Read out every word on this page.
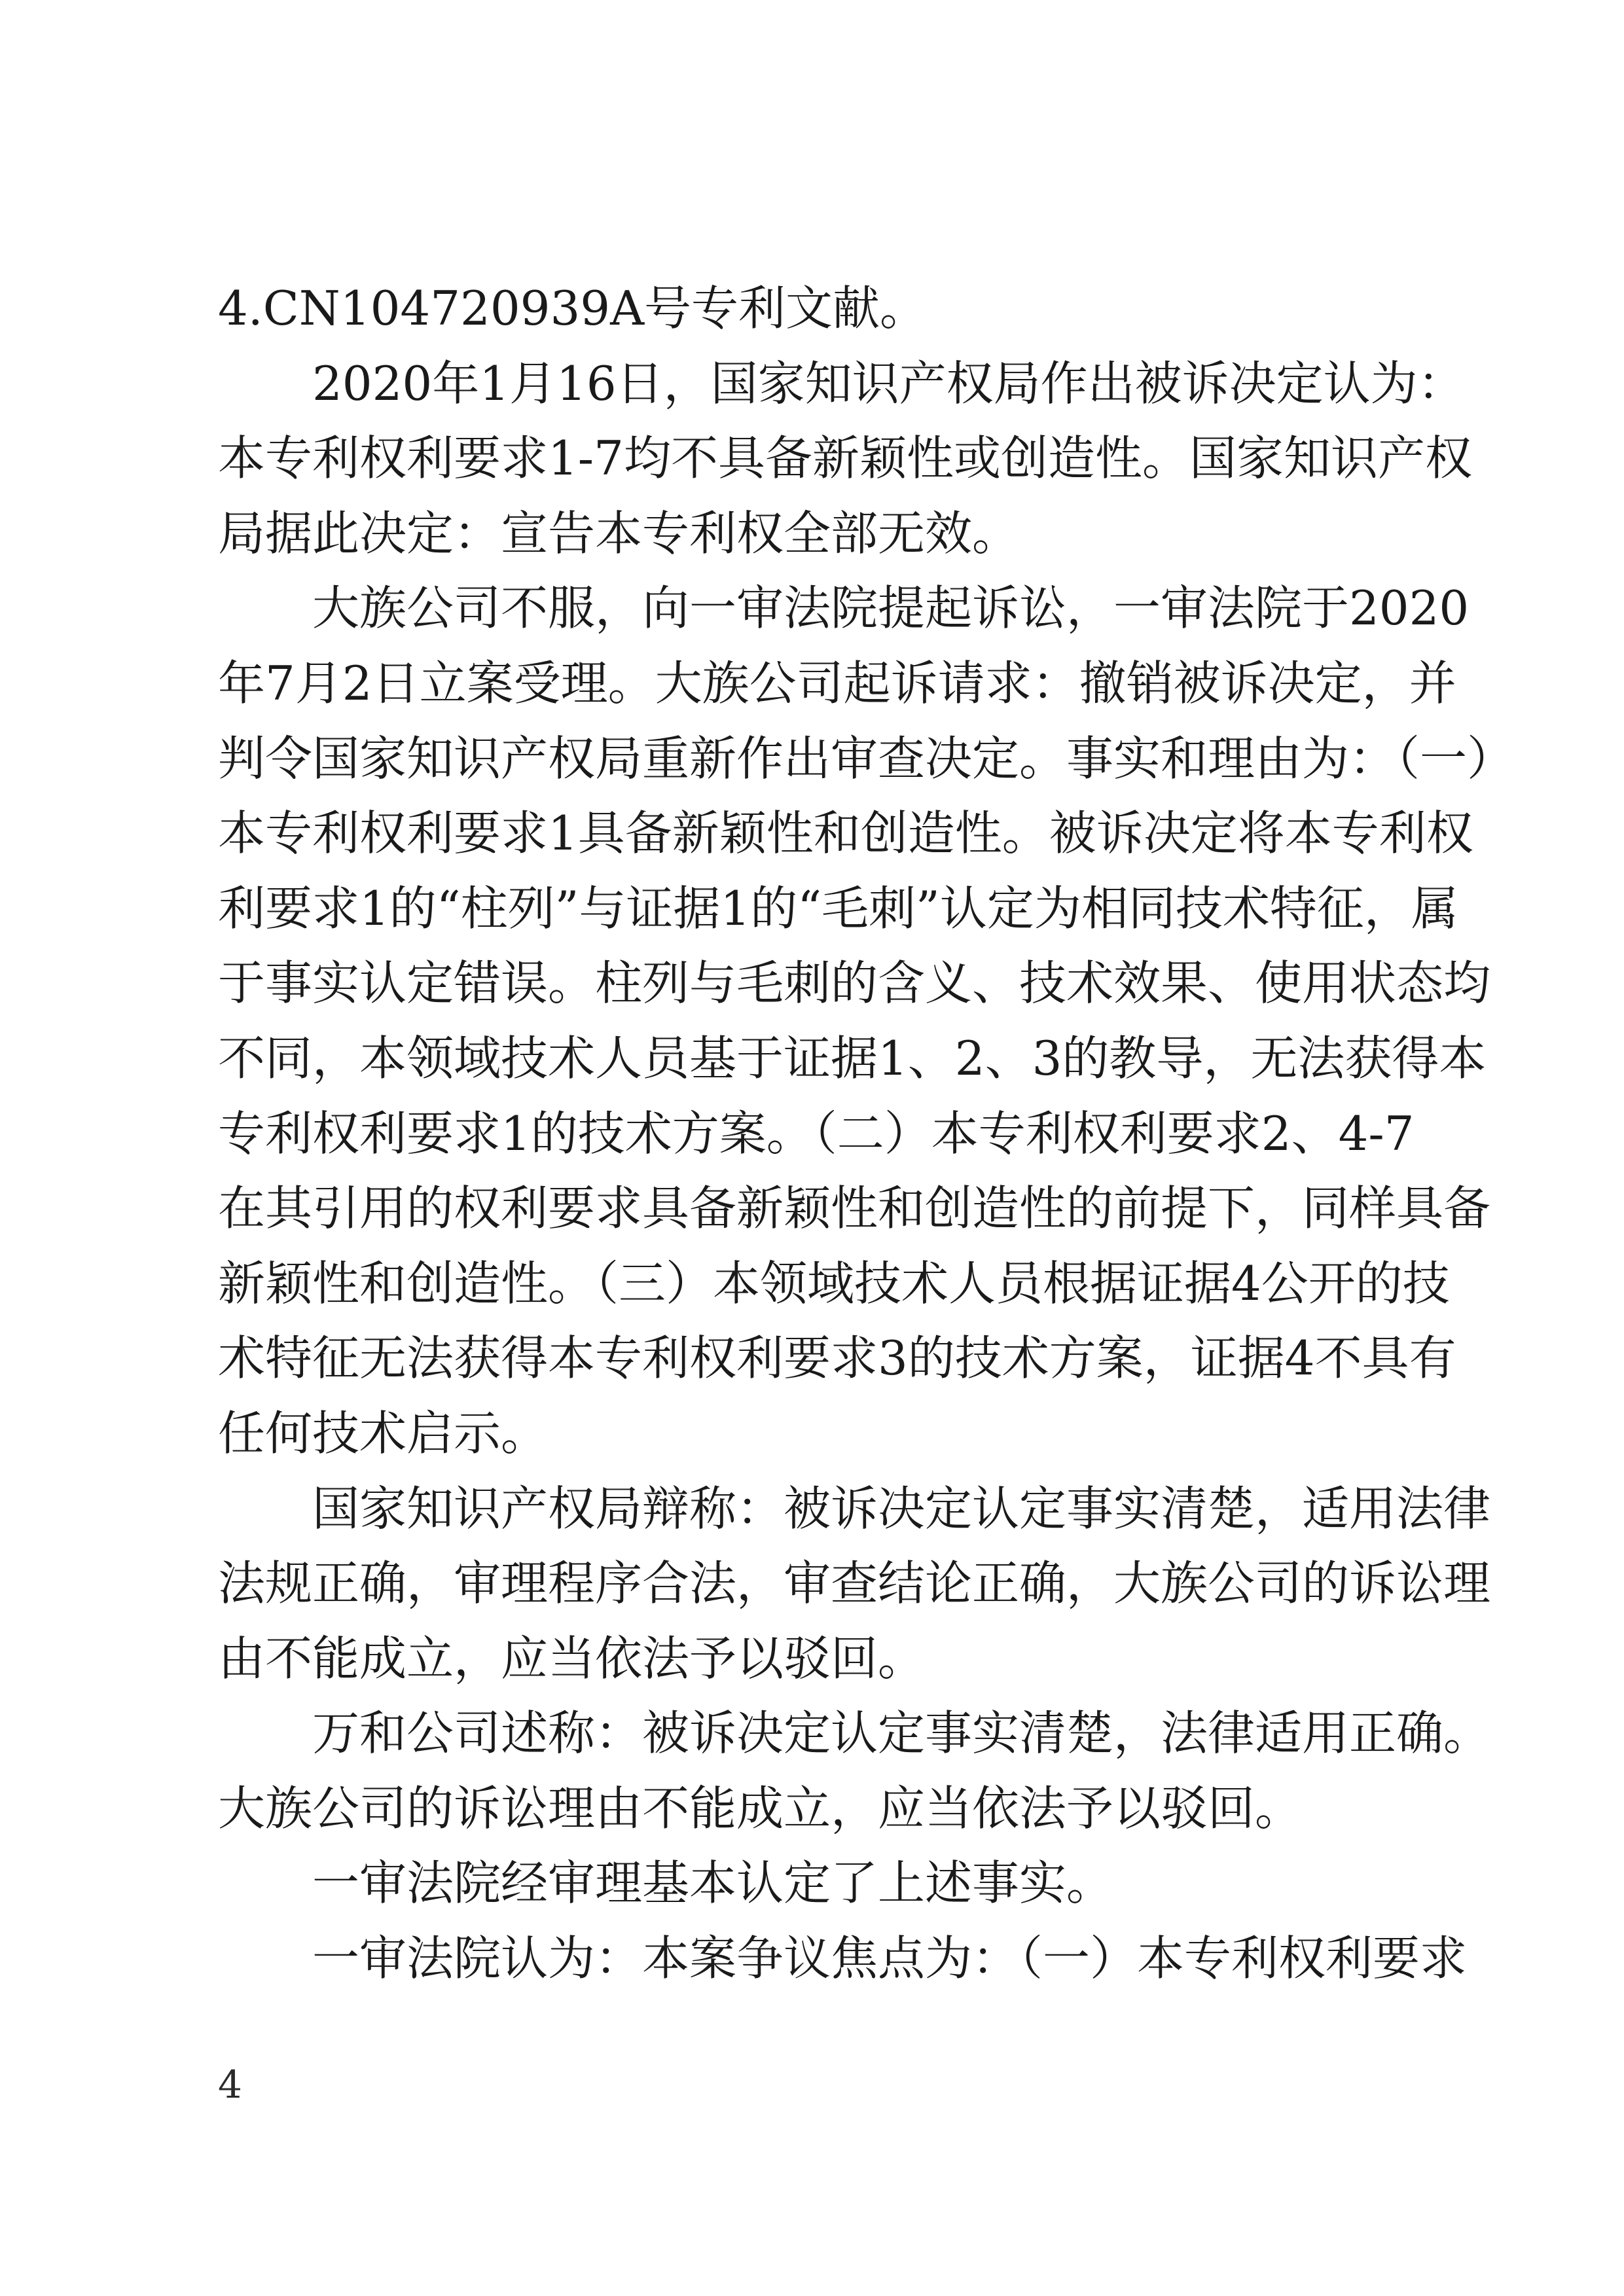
4.CN104720939A号专利文献。
2020年1月16日，国家知识产权局作出被诉决定认为：
本专利权利要求1-7均不具备新颖性或创造性。国家知识产权
局据此决定：宣告本专利权全部无效。
大族公司不服，向一审法院提起诉讼，一审法院于2020
年7月2日立案受理。大族公司起诉请求：撤销被诉决定，并
判令国家知识产权局重新作出审查决定。事实和理由为：（一）
本专利权利要求1具备新颖性和创造性。被诉决定将本专利权
利要求1的“柱列”与证据1的“毛刺”认定为相同技术特征，属
于事实认定错误。柱列与毛刺的含义、技术效果、使用状态均
不同，本领域技术人员基于证据1、2、3的教导，无法获得本
专利权利要求1的技术方案。（二）本专利权利要求2、4-7
在其引用的权利要求具备新颖性和创造性的前提下，同样具备
新颖性和创造性。（三）本领域技术人员根据证据4公开的技
术特征无法获得本专利权利要求3的技术方案，证据4不具有
任何技术启示。
国家知识产权局辩称：被诉决定认定事实清楚，适用法律
法规正确，审理程序合法，审查结论正确，大族公司的诉讼理
由不能成立，应当依法予以驳回。
万和公司述称：被诉决定认定事实清楚，法律适用正确。
大族公司的诉讼理由不能成立，应当依法予以驳回。
一审法院经审理基本认定了上述事实。
一审法院认为：本案争议焦点为：（一）本专利权利要求
4
